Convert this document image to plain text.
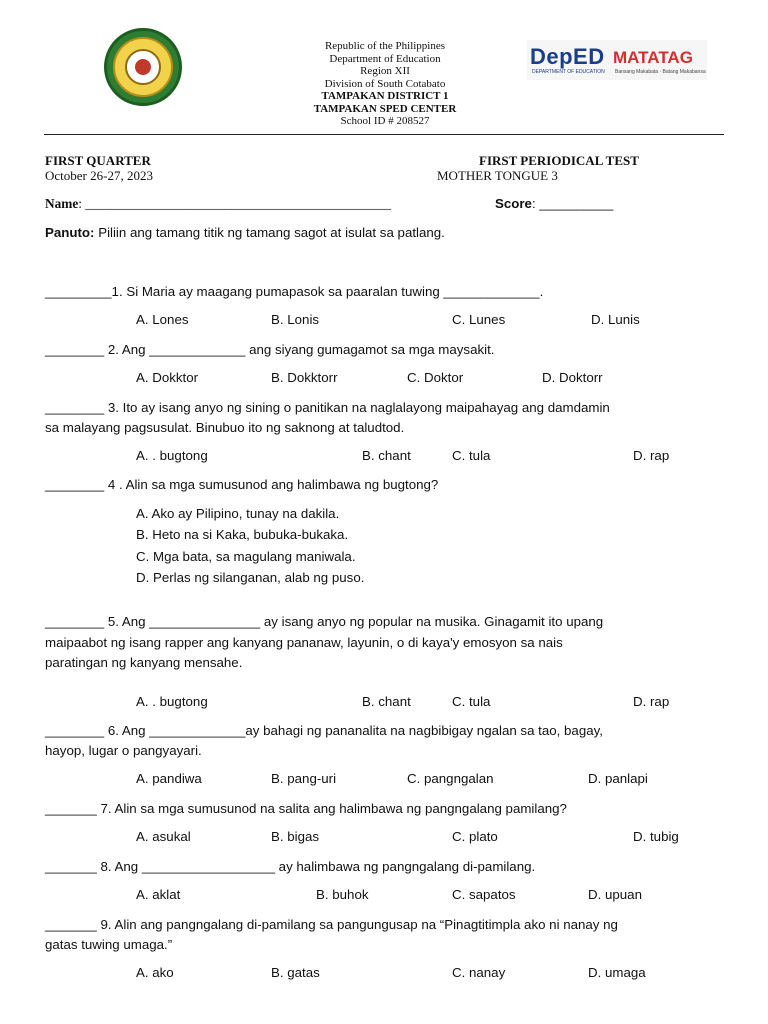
Republic of the Philippines
Department of Education
Region XII
Division of South Cotabato
TAMPAKAN DISTRICT 1
TAMPAKAN SPED CENTER
School ID # 208527
DepED
DEPARTMENT OF EDUCATION
MATATAG
Bansang Makabata · Batang Makabansa
FIRST QUARTER
October 26-27, 2023
FIRST PERIODICAL TEST
MOTHER TONGUE 3
Name: ______________________________________________	Score: __________
Panuto: Piliin ang tamang titik ng tamang sagot at isulat sa patlang.
_________1. Si Maria ay maagang pumapasok sa paaralan tuwing _____________.
A. Lones	B. Lonis	C. Lunes	D. Lunis
________ 2. Ang _____________ ang siyang gumagamot sa mga maysakit.
A. Dokktor	B. Dokktorr	C. Doktor	D. Doktorr
________ 3. Ito ay isang anyo ng sining o panitikan na naglalayong maipahayag ang damdamin
sa malayang pagsusulat. Binubuo ito ng saknong at taludtod.
A. . bugtong	B. chant	C. tula	D. rap
________ 4 . Alin sa mga sumusunod ang halimbawa ng bugtong?
A. Ako ay Pilipino, tunay na dakila.
B. Heto na si Kaka, bubuka-bukaka.
C. Mga bata, sa magulang maniwala.
D. Perlas ng silanganan, alab ng puso.
________ 5. Ang _______________ ay isang anyo ng popular na musika. Ginagamit ito upang
maipaabot ng isang rapper ang kanyang pananaw, layunin, o di kaya'y emosyon sa nais
paratingan ng kanyang mensahe.
A. . bugtong	B. chant	C. tula	D. rap
________ 6. Ang _____________ay bahagi ng pananalita na nagbibigay ngalan sa tao, bagay,
hayop, lugar o pangyayari.
A. pandiwa	B. pang-uri	C. pangngalan	D. panlapi
_______ 7. Alin sa mga sumusunod na salita ang halimbawa ng pangngalang pamilang?
A. asukal	B. bigas	C. plato	D. tubig
_______ 8. Ang __________________ ay halimbawa ng pangngalang di-pamilang.
A. aklat	B. buhok	C. sapatos	D. upuan
_______ 9. Alin ang pangngalang di-pamilang sa pangungusap na “Pinagtitimpla ako ni nanay ng
gatas tuwing umaga.”
A. ako	B. gatas	C. nanay	D. umaga
